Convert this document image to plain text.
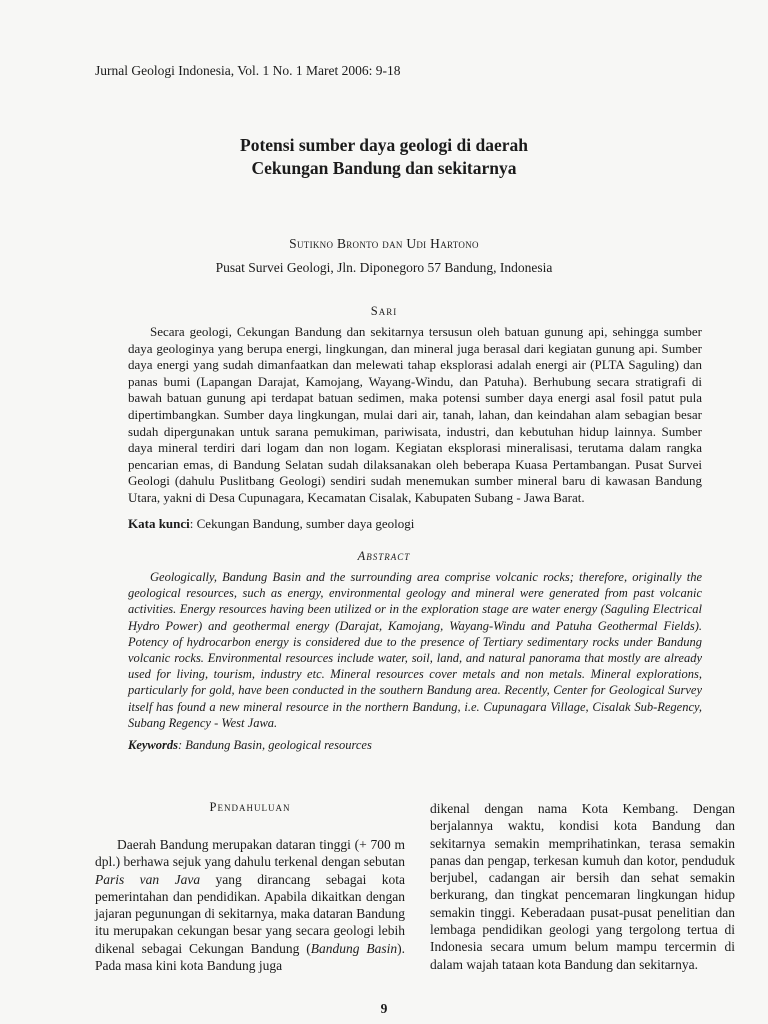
Jurnal Geologi Indonesia, Vol. 1 No. 1 Maret 2006: 9-18
Potensi sumber daya geologi di daerah
Cekungan Bandung dan sekitarnya
Sutikno Bronto dan Udi Hartono
Pusat Survei Geologi, Jln. Diponegoro 57 Bandung, Indonesia
Sari
Secara geologi, Cekungan Bandung dan sekitarnya tersusun oleh batuan gunung api, sehingga sumber daya geologinya yang berupa energi, lingkungan, dan mineral juga berasal dari kegiatan gunung api. Sumber daya energi yang sudah dimanfaatkan dan melewati tahap eksplorasi adalah energi air (PLTA Saguling) dan panas bumi (Lapangan Darajat, Kamojang, Wayang-Windu, dan Patuha). Berhubung secara stratigrafi di bawah batuan gunung api terdapat batuan sedimen, maka potensi sumber daya energi asal fosil patut pula dipertimbangkan. Sumber daya lingkungan, mulai dari air, tanah, lahan, dan keindahan alam sebagian besar sudah dipergunakan untuk sarana pemukiman, pariwisata, industri, dan kebutuhan hidup lainnya. Sumber daya mineral terdiri dari logam dan non logam. Kegiatan eksplorasi mineralisasi, terutama dalam rangka pencarian emas, di Bandung Selatan sudah dilaksanakan oleh beberapa Kuasa Pertambangan. Pusat Survei Geologi (dahulu Puslitbang Geologi) sendiri sudah menemukan sumber mineral baru di kawasan Bandung Utara, yakni di Desa Cupunagara, Kecamatan Cisalak, Kabupaten Subang - Jawa Barat.
Kata kunci: Cekungan Bandung, sumber daya geologi
Abstract
Geologically, Bandung Basin and the surrounding area comprise volcanic rocks; therefore, originally the geological resources, such as energy, environmental geology and mineral were generated from past volcanic activities. Energy resources having been utilized or in the exploration stage are water energy (Saguling Electrical Hydro Power) and geothermal energy (Darajat, Kamojang, Wayang-Windu and Patuha Geothermal Fields). Potency of hydrocarbon energy is considered due to the presence of Tertiary sedimentary rocks under Bandung volcanic rocks. Environmental resources include water, soil, land, and natural panorama that mostly are already used for living, tourism, industry etc. Mineral resources cover metals and non metals. Mineral explorations, particularly for gold, have been conducted in the southern Bandung area. Recently, Center for Geological Survey itself has found a new mineral resource in the northern Bandung, i.e. Cupunagara Village, Cisalak Sub-Regency, Subang Regency - West Jawa.
Keywords: Bandung Basin, geological resources
Pendahuluan
Daerah Bandung merupakan dataran tinggi (+ 700 m dpl.) berhawa sejuk yang dahulu terkenal dengan sebutan Paris van Java yang dirancang sebagai kota pemerintahan dan pendidikan. Apabila dikaitkan dengan jajaran pegunungan di sekitarnya, maka dataran Bandung itu merupakan cekungan besar yang secara geologi lebih dikenal sebagai Cekungan Bandung (Bandung Basin). Pada masa kini kota Bandung juga
dikenal dengan nama Kota Kembang. Dengan berjalannya waktu, kondisi kota Bandung dan sekitarnya semakin memprihatinkan, terasa semakin panas dan pengap, terkesan kumuh dan kotor, penduduk berjubel, cadangan air bersih dan sehat semakin berkurang, dan tingkat pencemaran lingkungan hidup semakin tinggi. Keberadaan pusat-pusat penelitian dan lembaga pendidikan geologi yang tergolong tertua di Indonesia secara umum belum mampu tercermin di dalam wajah tataan kota Bandung dan sekitarnya.
9
